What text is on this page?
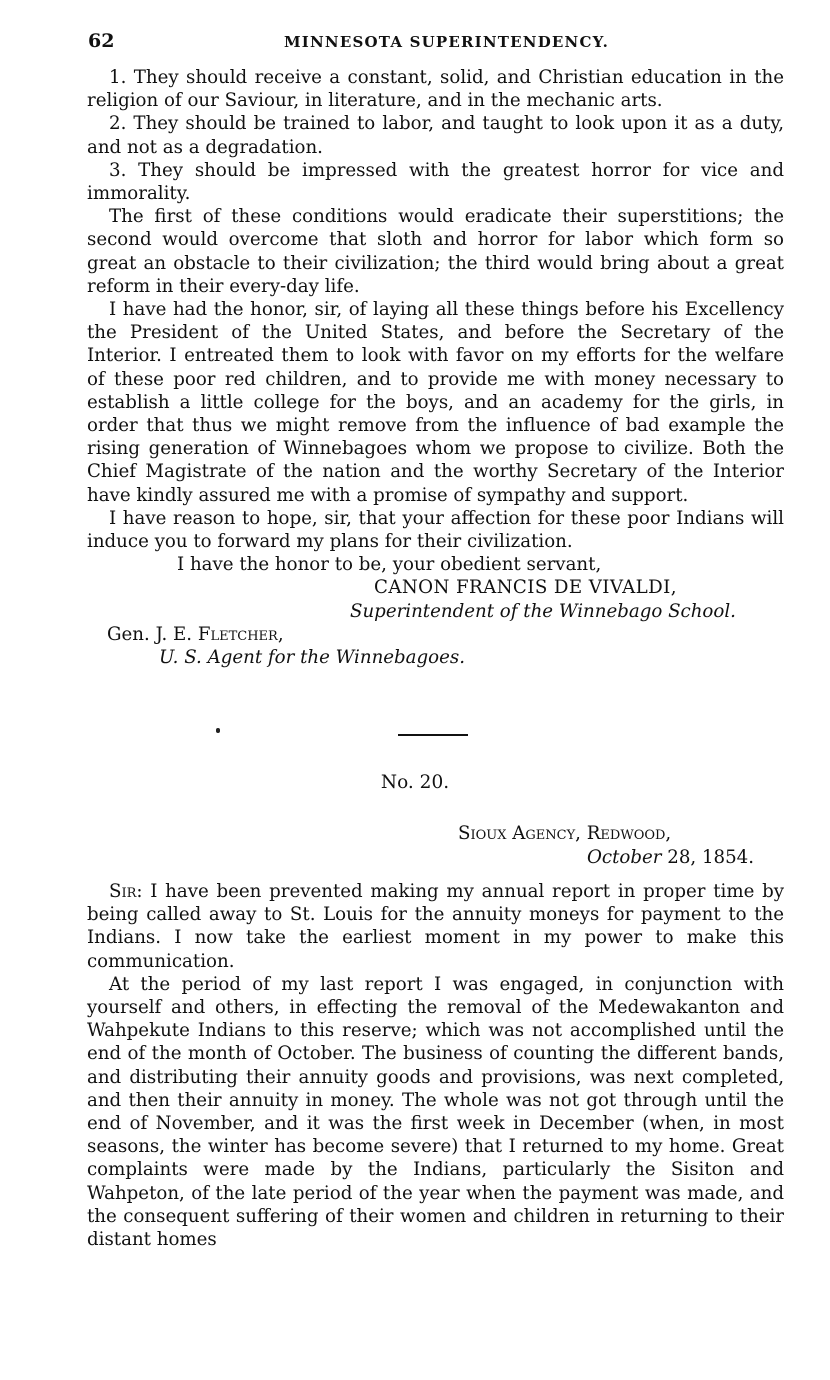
62	MINNESOTA SUPERINTENDENCY.

1. They should receive a constant, solid, and Christian education in the religion of our Saviour, in literature, and in the mechanic arts.

2. They should be trained to labor, and taught to look upon it as a duty, and not as a degradation.

3. They should be impressed with the greatest horror for vice and immorality.

The first of these conditions would eradicate their superstitions; the second would overcome that sloth and horror for labor which form so great an obstacle to their civilization; the third would bring about a great reform in their every-day life.

I have had the honor, sir, of laying all these things before his Excellency the President of the United States, and before the Secretary of the Interior. I entreated them to look with favor on my efforts for the welfare of these poor red children, and to provide me with money necessary to establish a little college for the boys, and an academy for the girls, in order that thus we might remove from the influence of bad example the rising generation of Winnebagoes whom we propose to civilize. Both the Chief Magistrate of the nation and the worthy Secretary of the Interior have kindly assured me with a promise of sympathy and support.

I have reason to hope, sir, that your affection for these poor Indians will induce you to forward my plans for their civilization.

I have the honor to be, your obedient servant,

CANON FRANCIS DE VIVALDI,

Superintendent of the Winnebago School.

Gen. J. E. Fletcher,

U. S. Agent for the Winnebagoes.

No. 20.

Sioux Agency, Redwood,

October 28, 1854.

Sir: I have been prevented making my annual report in proper time by being called away to St. Louis for the annuity moneys for payment to the Indians. I now take the earliest moment in my power to make this communication.

At the period of my last report I was engaged, in conjunction with yourself and others, in effecting the removal of the Medewakanton and Wahpekute Indians to this reserve; which was not accomplished until the end of the month of October. The business of counting the different bands, and distributing their annuity goods and provisions, was next completed, and then their annuity in money. The whole was not got through until the end of November, and it was the first week in December (when, in most seasons, the winter has become severe) that I returned to my home. Great complaints were made by the Indians, particularly the Sisiton and Wahpeton, of the late period of the year when the payment was made, and the consequent suffering of their women and children in returning to their distant homes
